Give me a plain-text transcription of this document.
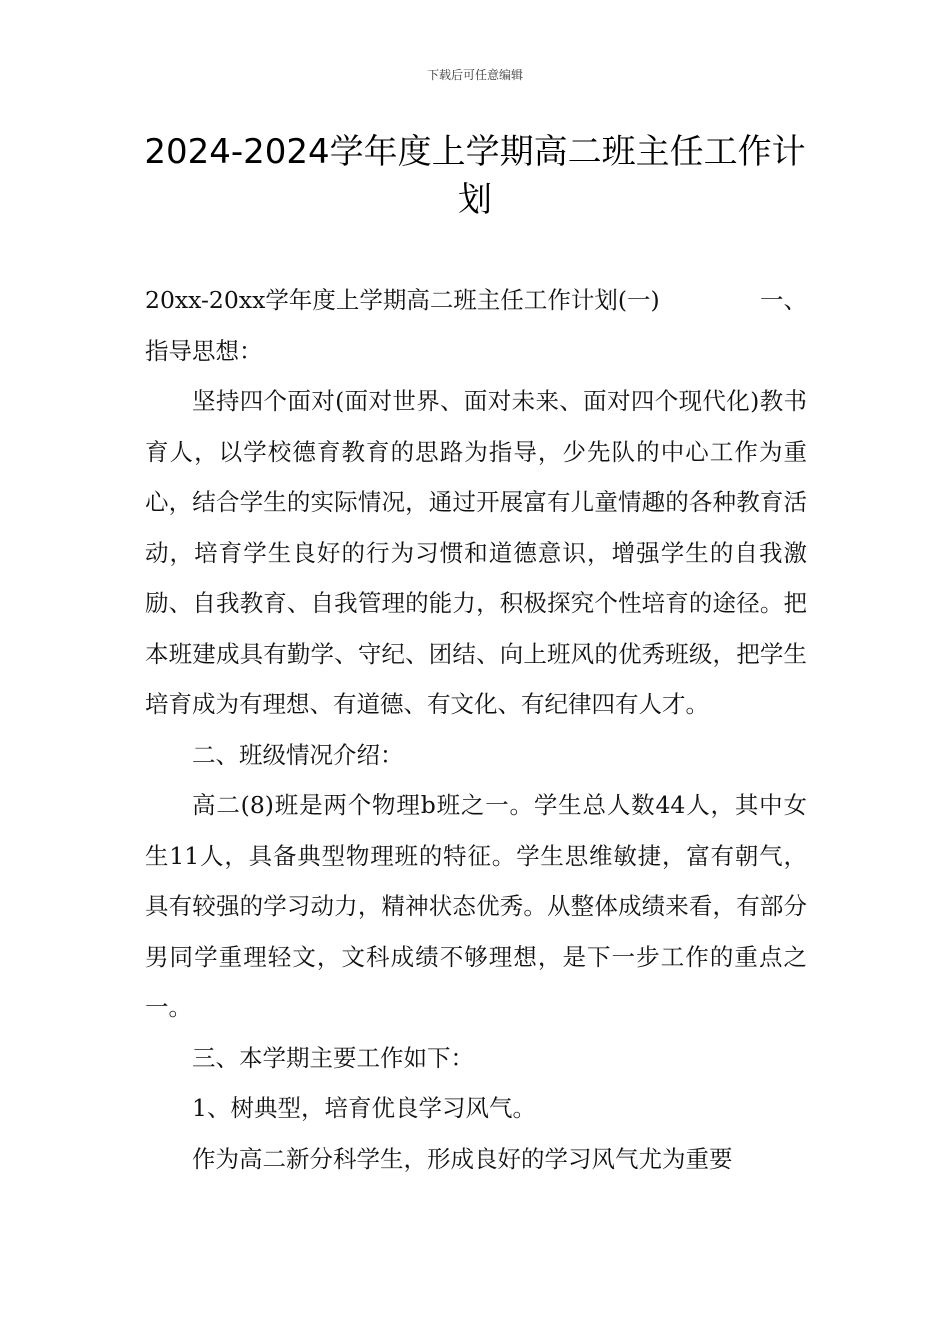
下载后可任意编辑
2024-2024学年度上学期高二班主任工作计划

20xx-20xx学年度上学期高二班主任工作计划(一)	一、

指导思想：

坚持四个面对(面对世界、面对未来、面对四个现代化)教书育人，以学校德育教育的思路为指导，少先队的中心工作为重心，结合学生的实际情况，通过开展富有儿童情趣的各种教育活动，培育学生良好的行为习惯和道德意识，增强学生的自我激励、自我教育、自我管理的能力，积极探究个性培育的途径。把本班建成具有勤学、守纪、团结、向上班风的优秀班级，把学生培育成为有理想、有道德、有文化、有纪律四有人才。

二、班级情况介绍：

高二(8)班是两个物理b班之一。学生总人数44人，其中女生11人，具备典型物理班的特征。学生思维敏捷，富有朝气，具有较强的学习动力，精神状态优秀。从整体成绩来看，有部分男同学重理轻文，文科成绩不够理想，是下一步工作的重点之一。

三、本学期主要工作如下：

1、树典型，培育优良学习风气。

作为高二新分科学生，形成良好的学习风气尤为重要
